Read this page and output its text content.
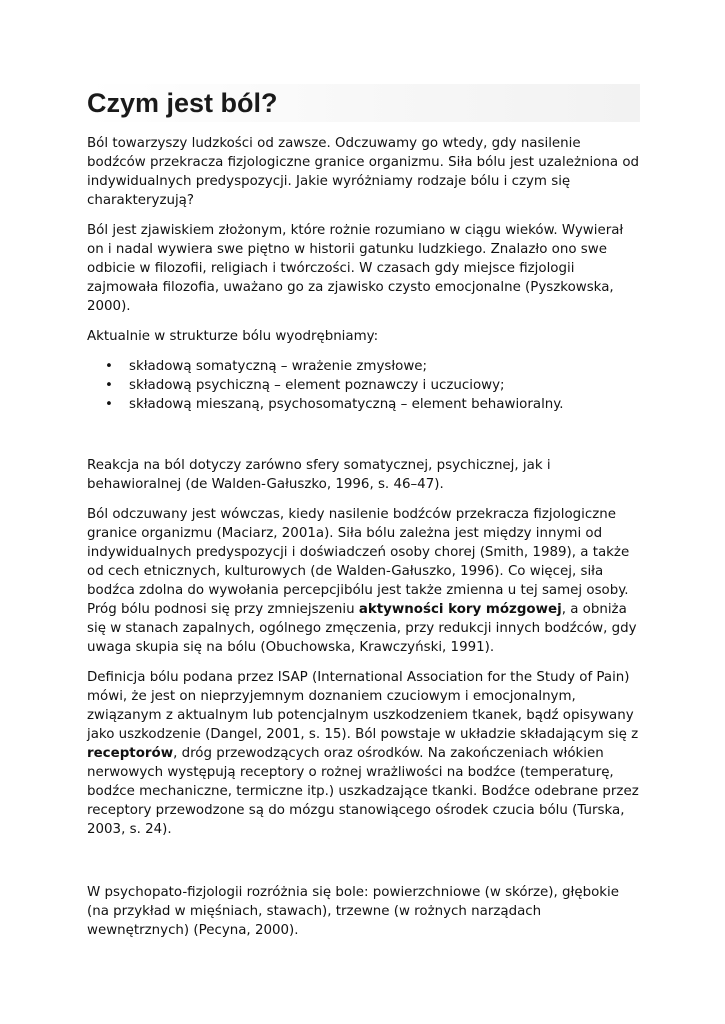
Czym jest ból?

Ból towarzyszy ludzkości od zawsze. Odczuwamy go wtedy, gdy nasilenie bodźców przekracza fizjologiczne granice organizmu. Siła bólu jest uzależniona od indywidualnych predyspozycji. Jakie wyróżniamy rodzaje bólu i czym się charakteryzują?

Ból jest zjawiskiem złożonym, które rożnie rozumiano w ciągu wieków. Wywierał on i nadal wywiera swe piętno w historii gatunku ludzkiego. Znalazło ono swe odbicie w filozofii, religiach i twórczości. W czasach gdy miejsce fizjologii zajmowała filozofia, uważano go za zjawisko czysto emocjonalne (Pyszkowska, 2000).

Aktualnie w strukturze bólu wyodrębniamy:

• składową somatyczną – wrażenie zmysłowe;
• składową psychiczną – element poznawczy i uczuciowy;
• składową mieszaną, psychosomatyczną – element behawioralny.

Reakcja na ból dotyczy zarówno sfery somatycznej, psychicznej, jak i behawioralnej (de Walden-Gałuszko, 1996, s. 46–47).

Ból odczuwany jest wówczas, kiedy nasilenie bodźców przekracza fizjologiczne granice organizmu (Maciarz, 2001a). Siła bólu zależna jest między innymi od indywidualnych predyspozycji i doświadczeń osoby chorej (Smith, 1989), a także od cech etnicznych, kulturowych (de Walden-Gałuszko, 1996). Co więcej, siła bodźca zdolna do wywołania percepcjibólu jest także zmienna u tej samej osoby. Próg bólu podnosi się przy zmniejszeniu aktywności kory mózgowej, a obniża się w stanach zapalnych, ogólnego zmęczenia, przy redukcji innych bodźców, gdy uwaga skupia się na bólu (Obuchowska, Krawczyński, 1991).

Definicja bólu podana przez ISAP (International Association for the Study of Pain) mówi, że jest on nieprzyjemnym doznaniem czuciowym i emocjonalnym, związanym z aktualnym lub potencjalnym uszkodzeniem tkanek, bądź opisywany jako uszkodzenie (Dangel, 2001, s. 15). Ból powstaje w układzie składającym się z receptorów, dróg przewodzących oraz ośrodków. Na zakończeniach włókien nerwowych występują receptory o rożnej wrażliwości na bodźce (temperaturę, bodźce mechaniczne, termiczne itp.) uszkadzające tkanki. Bodźce odebrane przez receptory przewodzone są do mózgu stanowiącego ośrodek czucia bólu (Turska, 2003, s. 24).

W psychopato-fizjologii rozróżnia się bole: powierzchniowe (w skórze), głębokie (na przykład w mięśniach, stawach), trzewne (w rożnych narządach wewnętrznych) (Pecyna, 2000).
